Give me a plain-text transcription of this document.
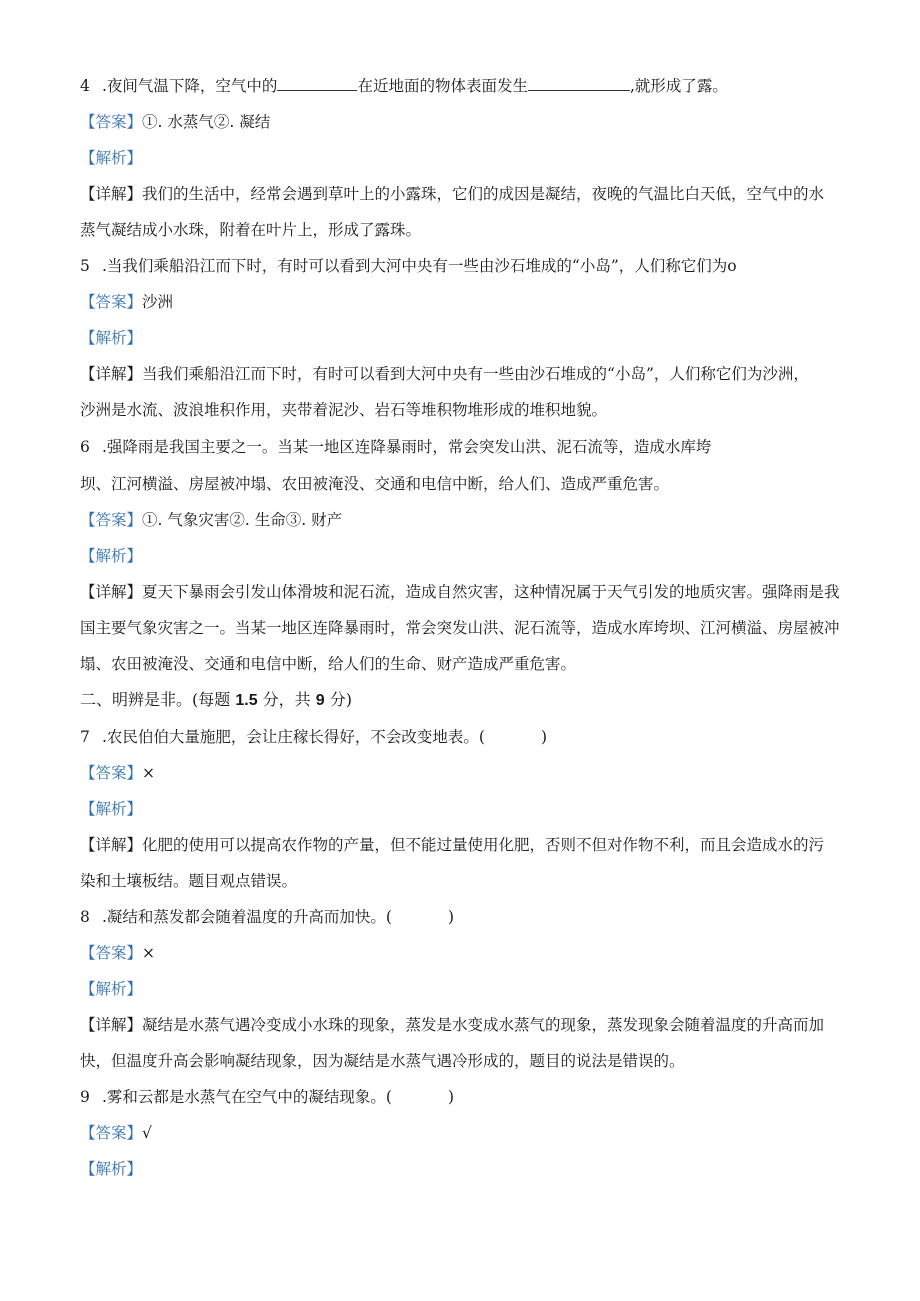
4 .夜间气温下降，空气中的	在近地面的物体表面发生	,就形成了露。
【答案】①. 水蒸气②. 凝结
【解析】
【详解】我们的生活中，经常会遇到草叶上的小露珠，它们的成因是凝结，夜晚的气温比白天低，空气中的水
蒸气凝结成小水珠，附着在叶片上，形成了露珠。
5 .当我们乘船沿江而下时，有时可以看到大河中央有一些由沙石堆成的“小岛”，人们称它们为ο
【答案】沙洲
【解析】
【详解】当我们乘船沿江而下时，有时可以看到大河中央有一些由沙石堆成的“小岛”，人们称它们为沙洲，
沙洲是水流、波浪堆积作用，夹带着泥沙、岩石等堆积物堆形成的堆积地貌。
6 .强降雨是我国主要之一。当某一地区连降暴雨时，常会突发山洪、泥石流等，造成水库垮
坝、江河横溢、房屋被冲塌、农田被淹没、交通和电信中断，给人们、造成严重危害。
【答案】①. 气象灾害②. 生命③. 财产
【解析】
【详解】夏天下暴雨会引发山体滑坡和泥石流，造成自然灾害，这种情况属于天气引发的地质灾害。强降雨是我
国主要气象灾害之一。当某一地区连降暴雨时，常会突发山洪、泥石流等，造成水库垮坝、江河横溢、房屋被冲
塌、农田被淹没、交通和电信中断，给人们的生命、财产造成严重危害。
二、明辨是非。(每题 1.5 分，共 9 分)
7 .农民伯伯大量施肥，会让庄稼长得好，不会改变地表。(	)
【答案】×
【解析】
【详解】化肥的使用可以提高农作物的产量，但不能过量使用化肥，否则不但对作物不利，而且会造成水的污
染和土壤板结。题目观点错误。
8 .凝结和蒸发都会随着温度的升高而加快。(	)
【答案】×
【解析】
【详解】凝结是水蒸气遇冷变成小水珠的现象，蒸发是水变成水蒸气的现象，蒸发现象会随着温度的升高而加
快，但温度升高会影响凝结现象，因为凝结是水蒸气遇冷形成的，题目的说法是错误的。
9 .雾和云都是水蒸气在空气中的凝结现象。(	)
【答案】√
【解析】
